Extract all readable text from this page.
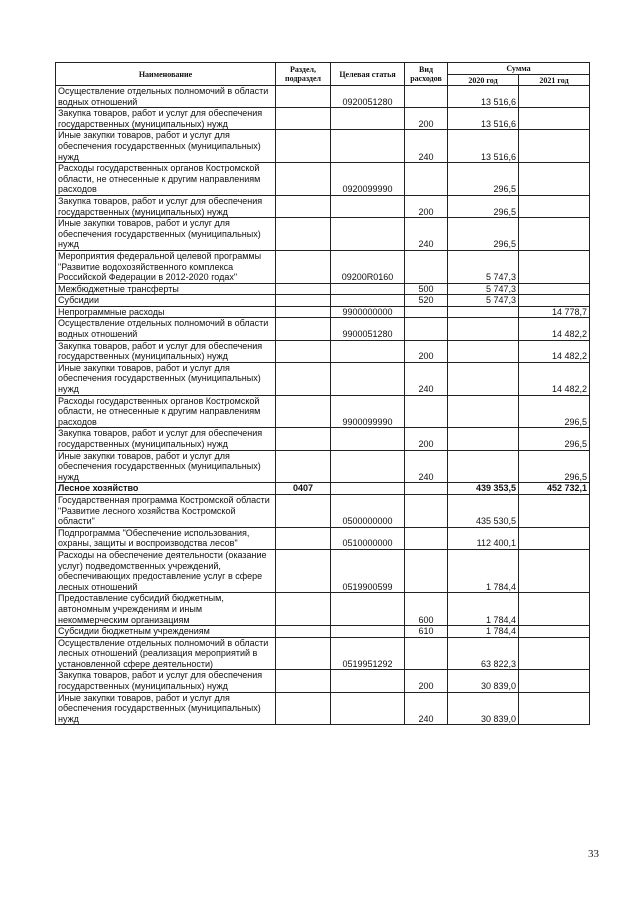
Наименование	Раздел, подраздел	Целевая статья	Вид расходов	Сумма	
				2020 год	2021 год
Осуществление отдельных полномочий в области водных отношений		0920051280		13 516,6	
Закупка товаров, работ и услуг для обеспечения государственных (муниципальных) нужд			200	13 516,6	
Иные закупки товаров, работ и услуг для обеспечения государственных (муниципальных) нужд			240	13 516,6	
Расходы государственных органов Костромской области, не отнесенные к другим направлениям расходов		0920099990		296,5	
Закупка товаров, работ и услуг для обеспечения государственных (муниципальных) нужд			200	296,5	
Иные закупки товаров, работ и услуг для обеспечения государственных (муниципальных) нужд			240	296,5	
Мероприятия федеральной целевой программы "Развитие водохозяйственного комплекса Российской Федерации в 2012-2020 годах"		09200R0160		5 747,3	
Межбюджетные трансферты			500	5 747,3	
Субсидии			520	5 747,3	
Непрограммные расходы		9900000000			14 778,7
Осуществление отдельных полномочий в области водных отношений		9900051280			14 482,2
Закупка товаров, работ и услуг для обеспечения государственных (муниципальных) нужд			200		14 482,2
Иные закупки товаров, работ и услуг для обеспечения государственных (муниципальных) нужд			240		14 482,2
Расходы государственных органов Костромской области, не отнесенные к другим направлениям расходов		9900099990			296,5
Закупка товаров, работ и услуг для обеспечения государственных (муниципальных) нужд			200		296,5
Иные закупки товаров, работ и услуг для обеспечения государственных (муниципальных) нужд			240		296,5
Лесное хозяйство	0407			439 353,5	452 732,1
Государственная программа Костромской области "Развитие лесного хозяйства Костромской области"		0500000000		435 530,5	
Подпрограмма "Обеспечение использования, охраны, защиты и воспроизводства лесов"		0510000000		112 400,1	
Расходы на обеспечение деятельности (оказание услуг) подведомственных учреждений, обеспечивающих предоставление услуг в сфере лесных отношений		0519900599		1 784,4	
Предоставление субсидий бюджетным, автономным учреждениям и иным некоммерческим организациям			600	1 784,4	
Субсидии бюджетным учреждениям			610	1 784,4	
Осуществление отдельных полномочий в области лесных отношений (реализация мероприятий в установленной сфере деятельности)		0519951292		63 822,3	
Закупка товаров, работ и услуг для обеспечения государственных (муниципальных) нужд			200	30 839,0	
Иные закупки товаров, работ и услуг для обеспечения государственных (муниципальных) нужд			240	30 839,0	
33
